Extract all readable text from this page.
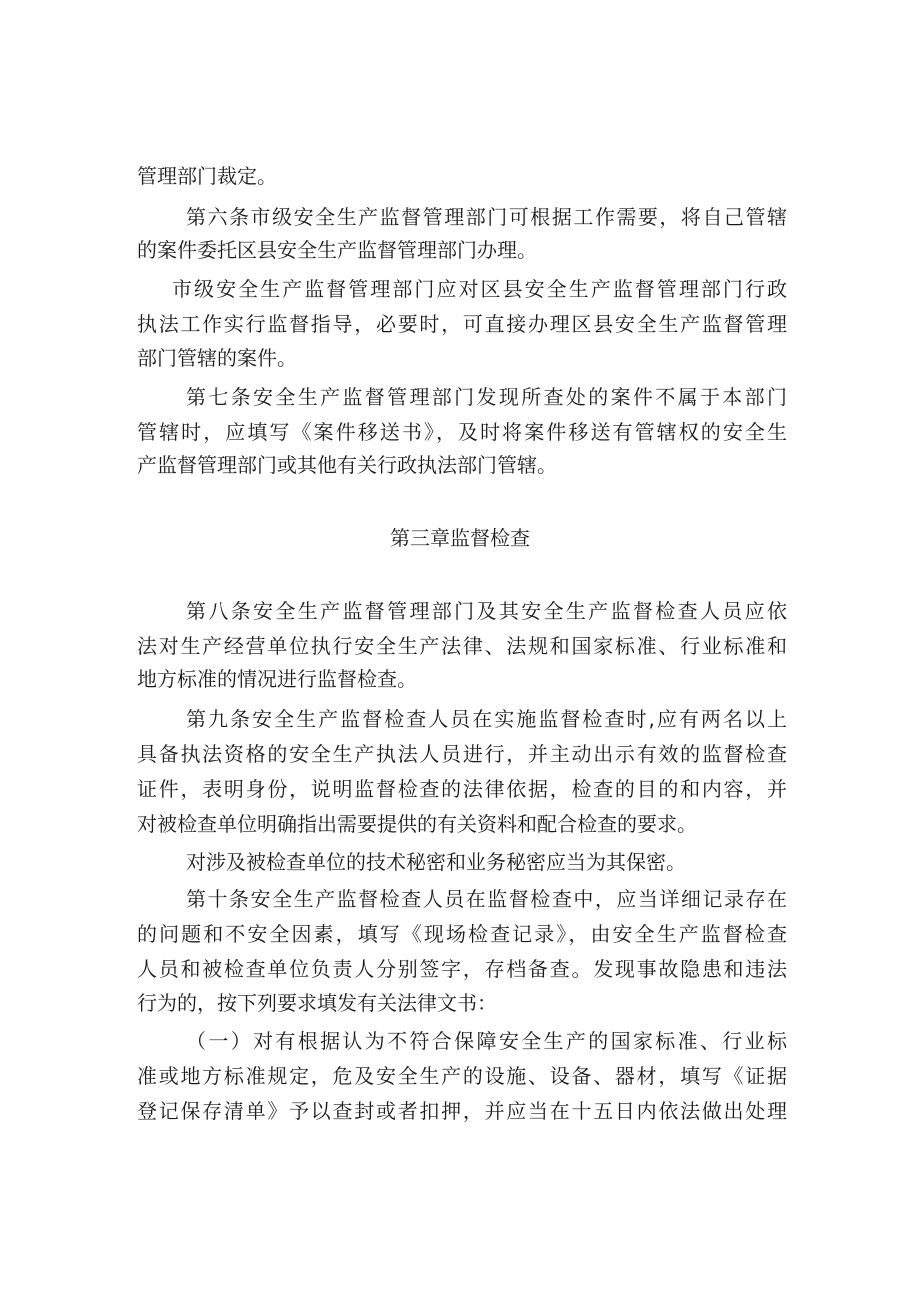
管理部门裁定。
第六条市级安全生产监督管理部门可根据工作需要，将自己管辖
的案件委托区县安全生产监督管理部门办理。
市级安全生产监督管理部门应对区县安全生产监督管理部门行政
执法工作实行监督指导，必要时，可直接办理区县安全生产监督管理
部门管辖的案件。
第七条安全生产监督管理部门发现所查处的案件不属于本部门
管辖时，应填写《案件移送书》，及时将案件移送有管辖权的安全生
产监督管理部门或其他有关行政执法部门管辖。
第三章监督检查
第八条安全生产监督管理部门及其安全生产监督检查人员应依
法对生产经营单位执行安全生产法律、法规和国家标准、行业标准和
地方标准的情况进行监督检查。
第九条安全生产监督检查人员在实施监督检查时,应有两名以上
具备执法资格的安全生产执法人员进行，并主动出示有效的监督检查
证件，表明身份，说明监督检查的法律依据，检查的目的和内容，并
对被检查单位明确指出需要提供的有关资料和配合检查的要求。
对涉及被检查单位的技术秘密和业务秘密应当为其保密。
第十条安全生产监督检查人员在监督检查中，应当详细记录存在
的问题和不安全因素，填写《现场检查记录》，由安全生产监督检查
人员和被检查单位负责人分别签字，存档备查。发现事故隐患和违法
行为的，按下列要求填发有关法律文书：
（一）对有根据认为不符合保障安全生产的国家标准、行业标
准或地方标准规定，危及安全生产的设施、设备、器材，填写《证据
登记保存清单》予以查封或者扣押，并应当在十五日内依法做出处理
